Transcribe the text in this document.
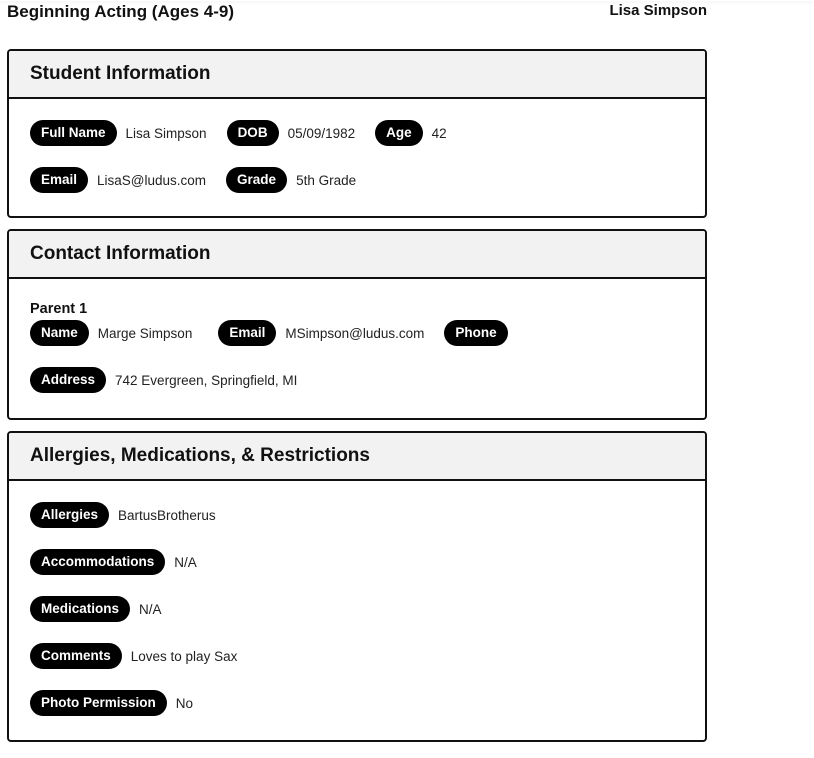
Beginning Acting (Ages 4-9)	Lisa Simpson
Student Information
Full Name	Lisa Simpson	DOB	05/09/1982	Age	42
Email	LisaS@ludus.com	Grade	5th Grade
Contact Information
Parent 1
Name	Marge Simpson	Email	MSimpson@ludus.com	Phone
Address	742 Evergreen, Springfield, MI
Allergies, Medications, & Restrictions
Allergies	BartusBrotherus
Accommodations	N/A
Medications	N/A
Comments	Loves to play Sax
Photo Permission	No
